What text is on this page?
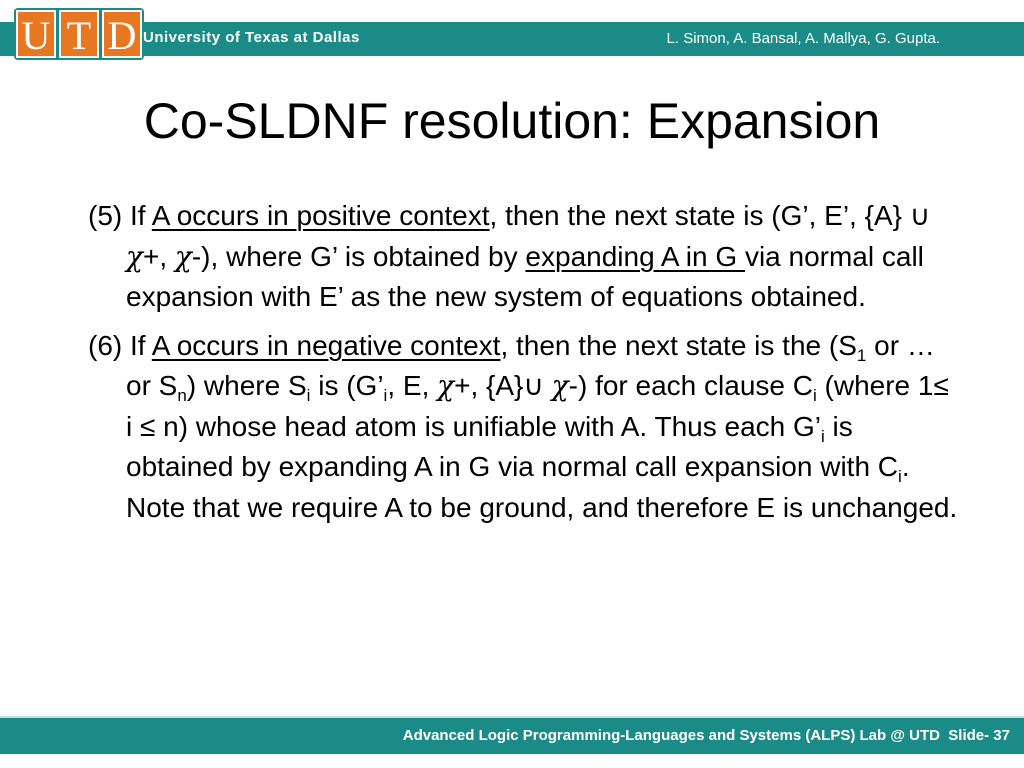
U T D University of Texas at Dallas	L. Simon, A. Bansal, A. Mallya, G. Gupta.
Co-SLDNF resolution: Expansion

(5) If A occurs in positive context, then the next state is (G’, E’, {A} ∪ χ+, χ-), where G’ is obtained by expanding A in G via normal call expansion with E’ as the new system of equations obtained.

(6) If A occurs in negative context, then the next state is the ($S_1$ or … or $S_n$) where $S_i$ is ($G’_i$, E, χ+, {A}∪ χ-) for each clause $C_i$ (where 1≤ i ≤ n) whose head atom is unifiable with A. Thus each $G’_i$ is obtained by expanding A in G via normal call expansion with $C_i$. Note that we require A to be ground, and therefore E is unchanged.

Advanced Logic Programming-Languages and Systems (ALPS) Lab @ UTD Slide- 37
